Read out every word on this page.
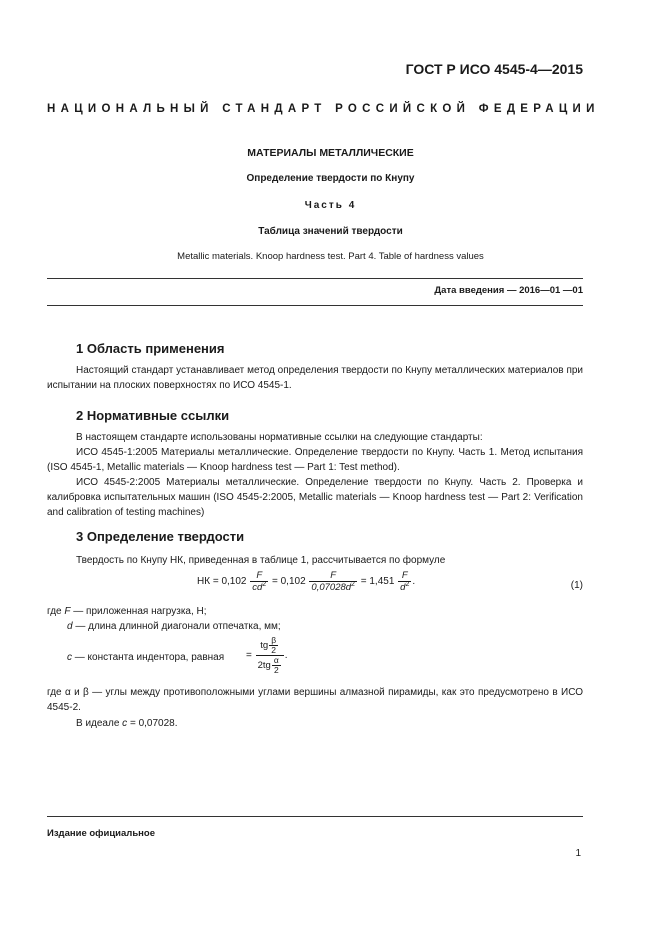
ГОСТ Р ИСО 4545-4—2015
НАЦИОНАЛЬНЫЙ СТАНДАРТ РОССИЙСКОЙ ФЕДЕРАЦИИ
МАТЕРИАЛЫ МЕТАЛЛИЧЕСКИЕ
Определение твердости по Кнупу
Часть 4
Таблица значений твердости
Metallic materials. Knoop hardness test. Part 4. Table of hardness values
Дата введения — 2016—01 —01
1 Область применения
Настоящий стандарт устанавливает метод определения твердости по Кнупу металлических материалов при испытании на плоских поверхностях по ИСО 4545-1.
2 Нормативные ссылки
В настоящем стандарте использованы нормативные ссылки на следующие стандарты:
ИСО 4545-1:2005 Материалы металлические. Определение твердости по Кнупу. Часть 1. Метод испытания (ISO 4545-1, Metallic materials — Knoop hardness test — Part 1: Test method).
ИСО 4545-2:2005 Материалы металлические. Определение твердости по Кнупу. Часть 2. Проверка и калибровка испытательных машин (ISO 4545-2:2005, Metallic materials — Knoop hardness test — Part 2: Verification and calibration of testing machines)
3 Определение твердости
Твердость по Кнупу НК, приведенная в таблице 1, рассчитывается по формуле
НК = $0,102 \frac{F}{cd^2} = 0,102 \frac{F}{0,07028d^2} = 1,451 \frac{F}{d^2}$ .	(1)
где F — приложенная нагрузка, Н;
d — длина длинной диагонали отпечатка, мм;
c — константа индентора, равная = $\frac{tg \frac{\beta}{2}}{2tg \frac{\alpha}{2}}$ .
где α и β — углы между противоположными углами вершины алмазной пирамиды, как это предусмотрено в ИСО 4545-2.
В идеале c = 0,07028.
Издание официальное
1
